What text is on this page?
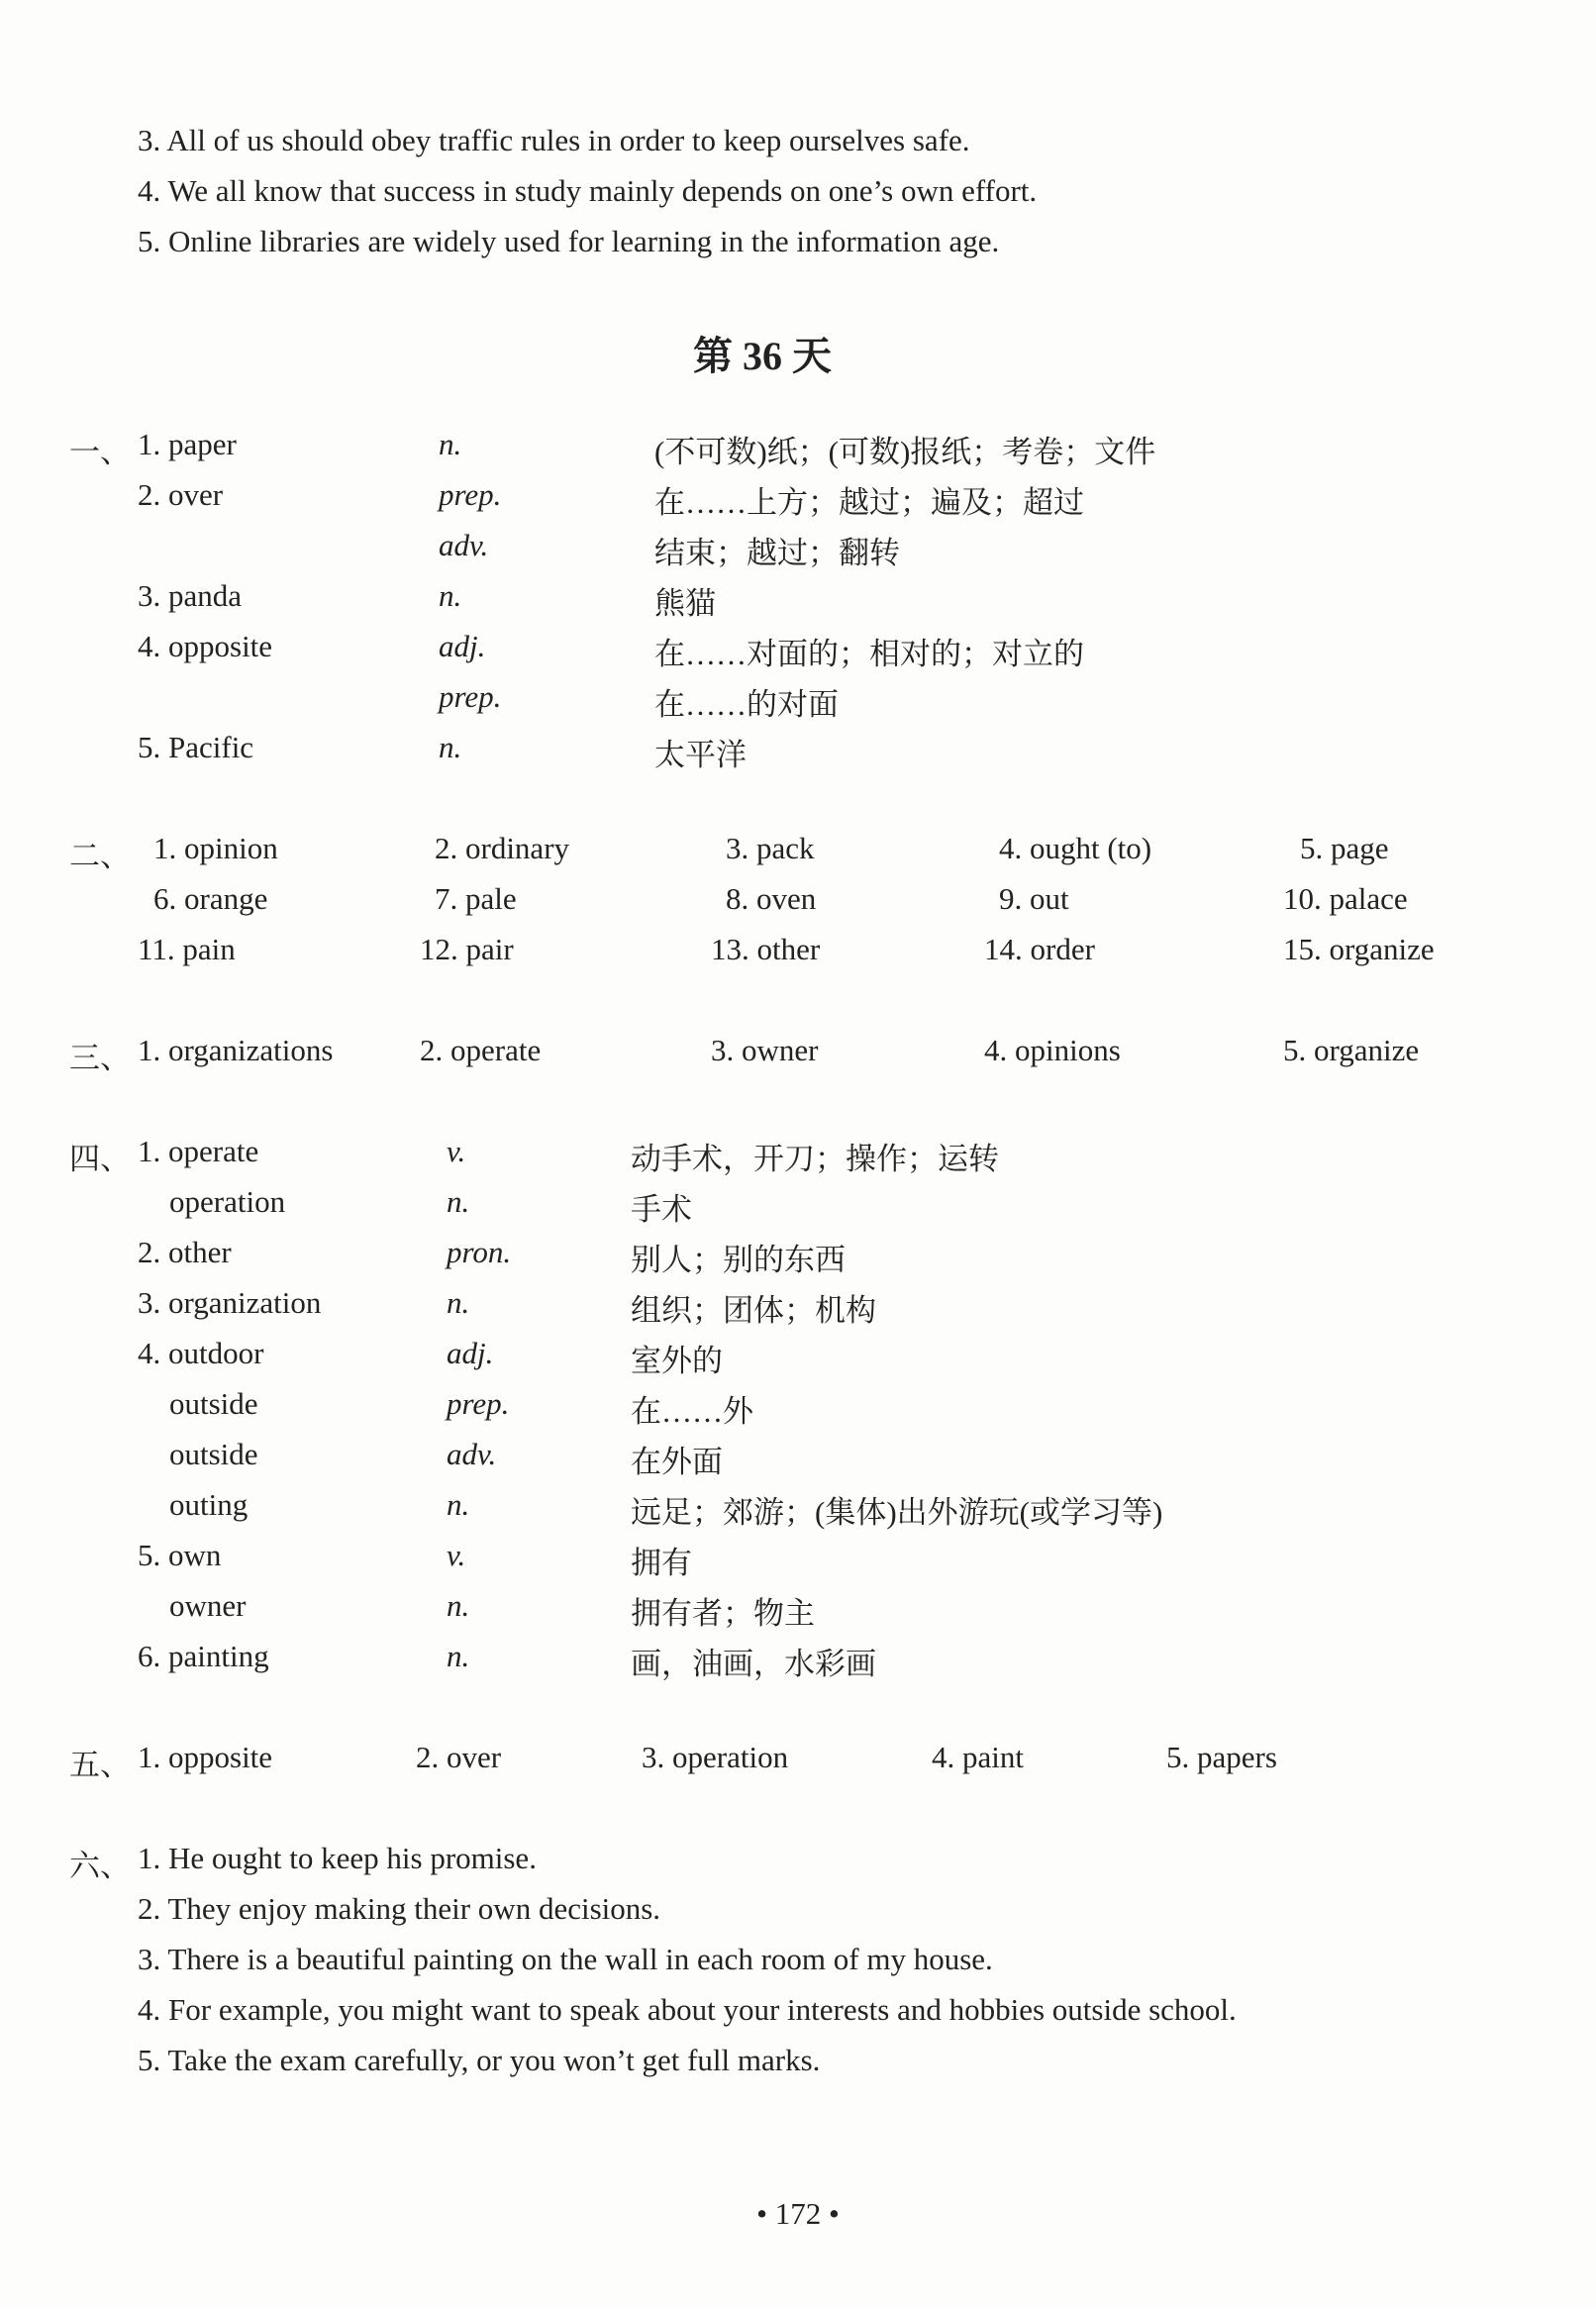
3. All of us should obey traffic rules in order to keep ourselves safe.
4. We all know that success in study mainly depends on one’s own effort.
5. Online libraries are widely used for learning in the information age.
第 36 天
一、 1. paper	n.	(不可数)纸；(可数)报纸；考卷；文件
2. over	prep.	在……上方；越过；遍及；超过
adv.	结束；越过；翻转
3. panda	n.	熊猫
4. opposite	adj.	在……对面的；相对的；对立的
prep.	在……的对面
5. Pacific	n.	太平洋
二、 1. opinion	2. ordinary	3. pack	4. ought (to)	5. page
6. orange	7. pale	8. oven	9. out	10. palace
11. pain	12. pair	13. other	14. order	15. organize
三、 1. organizations	2. operate	3. owner	4. opinions	5. organize
四、 1. operate	v.	动手术，开刀；操作；运转
operation	n.	手术
2. other	pron.	别人；别的东西
3. organization	n.	组织；团体；机构
4. outdoor	adj.	室外的
outside	prep.	在……外
outside	adv.	在外面
outing	n.	远足；郊游；(集体)出外游玩(或学习等)
5. own	v.	拥有
owner	n.	拥有者；物主
6. painting	n.	画，油画，水彩画
五、 1. opposite	2. over	3. operation	4. paint	5. papers
六、 1. He ought to keep his promise.
2. They enjoy making their own decisions.
3. There is a beautiful painting on the wall in each room of my house.
4. For example, you might want to speak about your interests and hobbies outside school.
5. Take the exam carefully, or you won’t get full marks.
• 172 •
